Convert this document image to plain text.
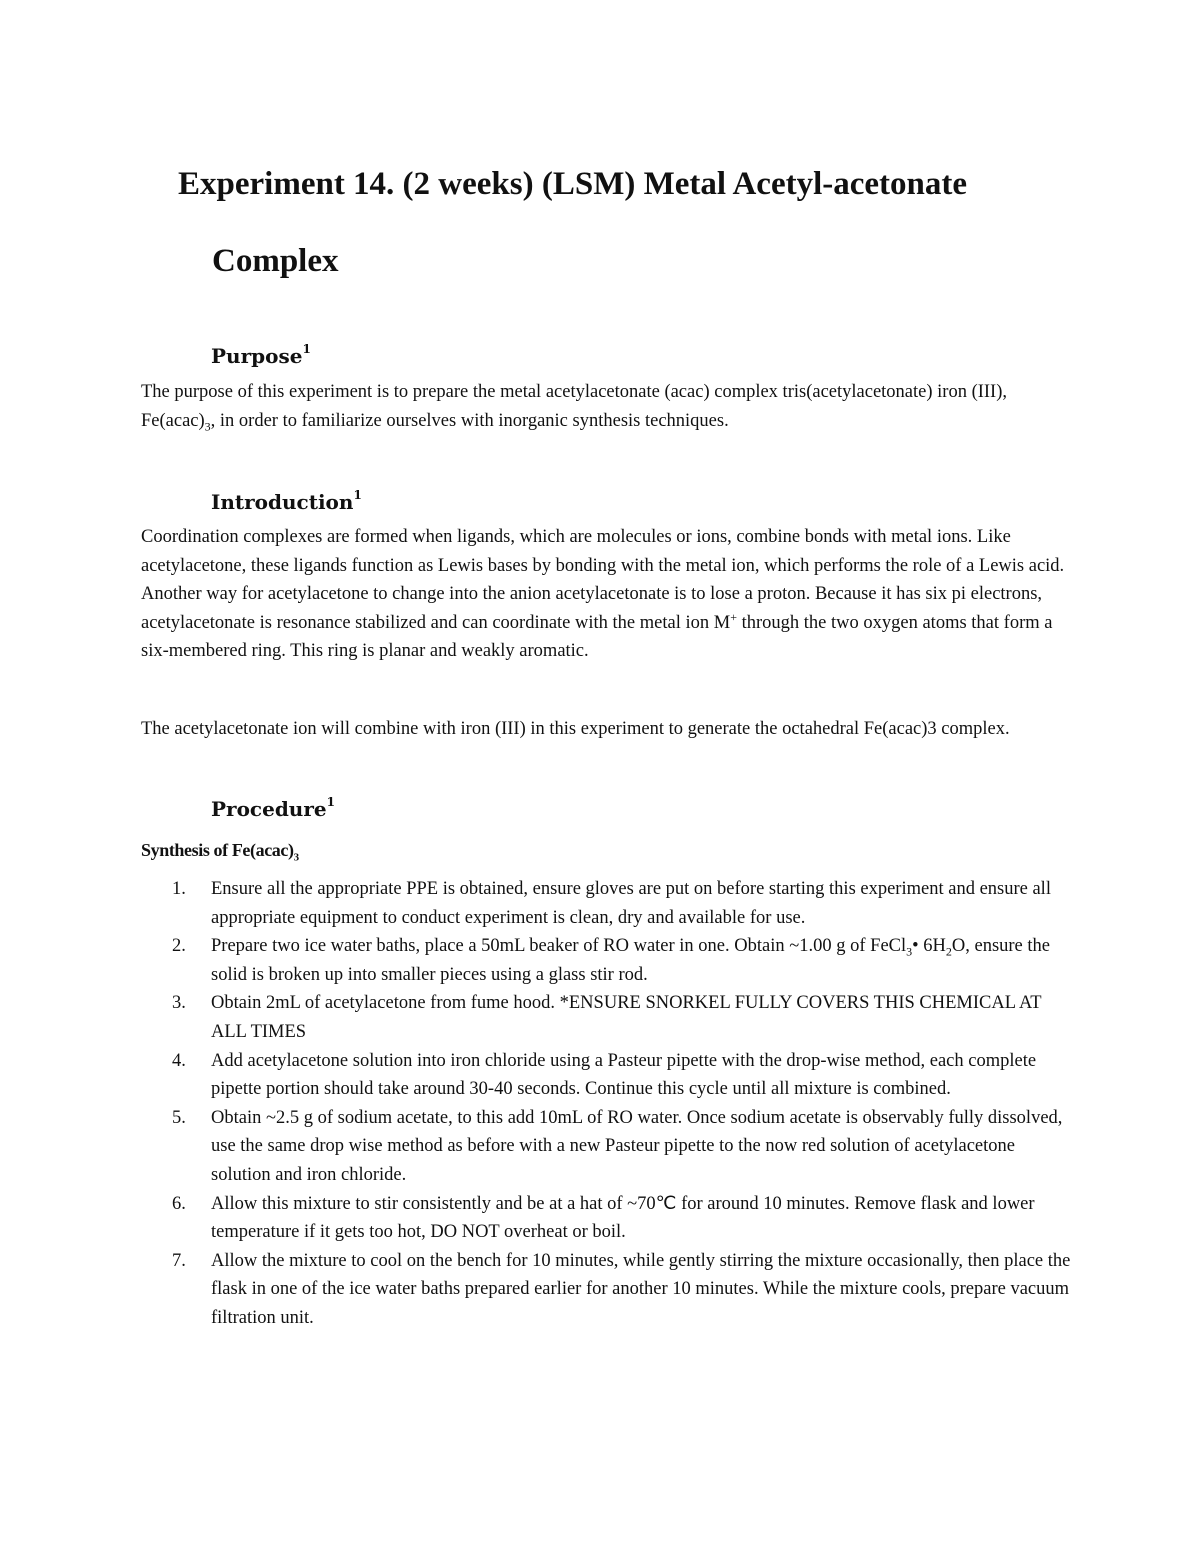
Experiment 14. (2 weeks) (LSM) Metal Acetyl-acetonate
Complex
Purpose$^1$
The purpose of this experiment is to prepare the metal acetylacetonate (acac) complex tris(acetylacetonate) iron (III), $Fe(acac)_3$, in order to familiarize ourselves with inorganic synthesis techniques.
Introduction$^1$
Coordination complexes are formed when ligands, which are molecules or ions, combine bonds with metal ions. Like acetylacetone, these ligands function as Lewis bases by bonding with the metal ion, which performs the role of a Lewis acid. Another way for acetylacetone to change into the anion acetylacetonate is to lose a proton. Because it has six pi electrons, acetylacetonate is resonance stabilized and can coordinate with the metal ion M+ through the two oxygen atoms that form a six-membered ring. This ring is planar and weakly aromatic.
The acetylacetonate ion will combine with iron (III) in this experiment to generate the octahedral Fe(acac)3 complex.
Procedure$^1$
Synthesis of $Fe(acac)_3$
1.	Ensure all the appropriate PPE is obtained, ensure gloves are put on before starting this experiment and ensure all appropriate equipment to conduct experiment is clean, dry and available for use.
2.	Prepare two ice water baths, place a 50mL beaker of RO water in one. Obtain ~1.00 g of FeCl$_3$• $6H_2O$, ensure the solid is broken up into smaller pieces using a glass stir rod.
3.	Obtain 2mL of acetylacetone from fume hood. *ENSURE SNORKEL FULLY COVERS THIS CHEMICAL AT ALL TIMES
4.	Add acetylacetone solution into iron chloride using a Pasteur pipette with the drop-wise method, each complete pipette portion should take around 30-40 seconds. Continue this cycle until all mixture is combined.
5.	Obtain ~2.5 g of sodium acetate, to this add 10mL of RO water. Once sodium acetate is observably fully dissolved, use the same drop wise method as before with a new Pasteur pipette to the now red solution of acetylacetone solution and iron chloride.
6.	Allow this mixture to stir consistently and be at a hat of ~70℃ for around 10 minutes. Remove flask and lower temperature if it gets too hot, DO NOT overheat or boil.
7.	Allow the mixture to cool on the bench for 10 minutes, while gently stirring the mixture occasionally, then place the flask in one of the ice water baths prepared earlier for another 10 minutes. While the mixture cools, prepare vacuum filtration unit.
